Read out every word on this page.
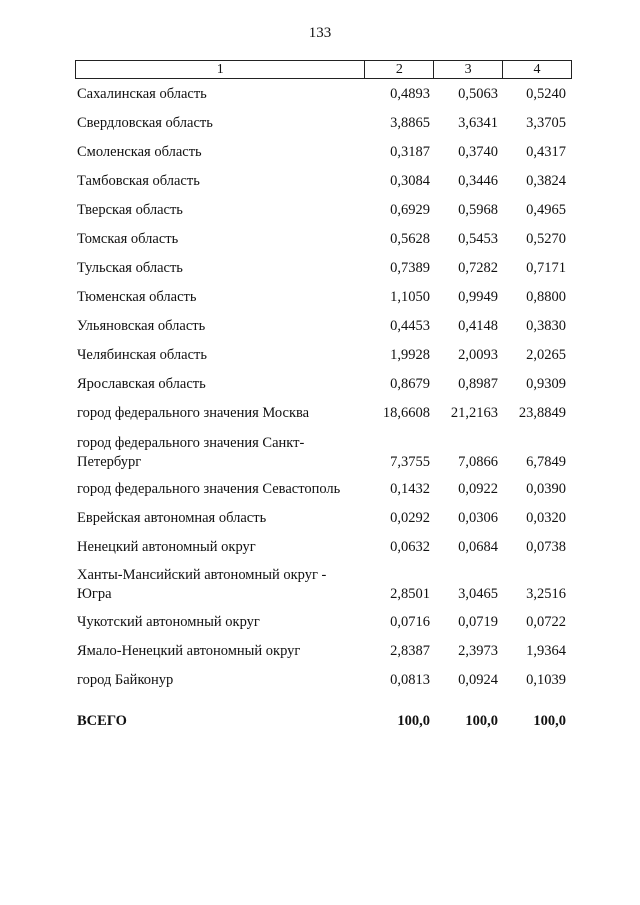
133
1	2	3	4
Сахалинская область	0,4893	0,5063	0,5240
Свердловская область	3,8865	3,6341	3,3705
Смоленская область	0,3187	0,3740	0,4317
Тамбовская область	0,3084	0,3446	0,3824
Тверская область	0,6929	0,5968	0,4965
Томская область	0,5628	0,5453	0,5270
Тульская область	0,7389	0,7282	0,7171
Тюменская область	1,1050	0,9949	0,8800
Ульяновская область	0,4453	0,4148	0,3830
Челябинская область	1,9928	2,0093	2,0265
Ярославская область	0,8679	0,8987	0,9309
город федерального значения Москва	18,6608	21,2163	23,8849
город федерального значения Санкт-
Петербург	7,3755	7,0866	6,7849
город федерального значения Севастополь	0,1432	0,0922	0,0390
Еврейская автономная область	0,0292	0,0306	0,0320
Ненецкий автономный округ	0,0632	0,0684	0,0738
Ханты-Мансийский автономный округ -
Югра	2,8501	3,0465	3,2516
Чукотский автономный округ	0,0716	0,0719	0,0722
Ямало-Ненецкий автономный округ	2,8387	2,3973	1,9364
город Байконур	0,0813	0,0924	0,1039
ВСЕГО	100,0	100,0	100,0
